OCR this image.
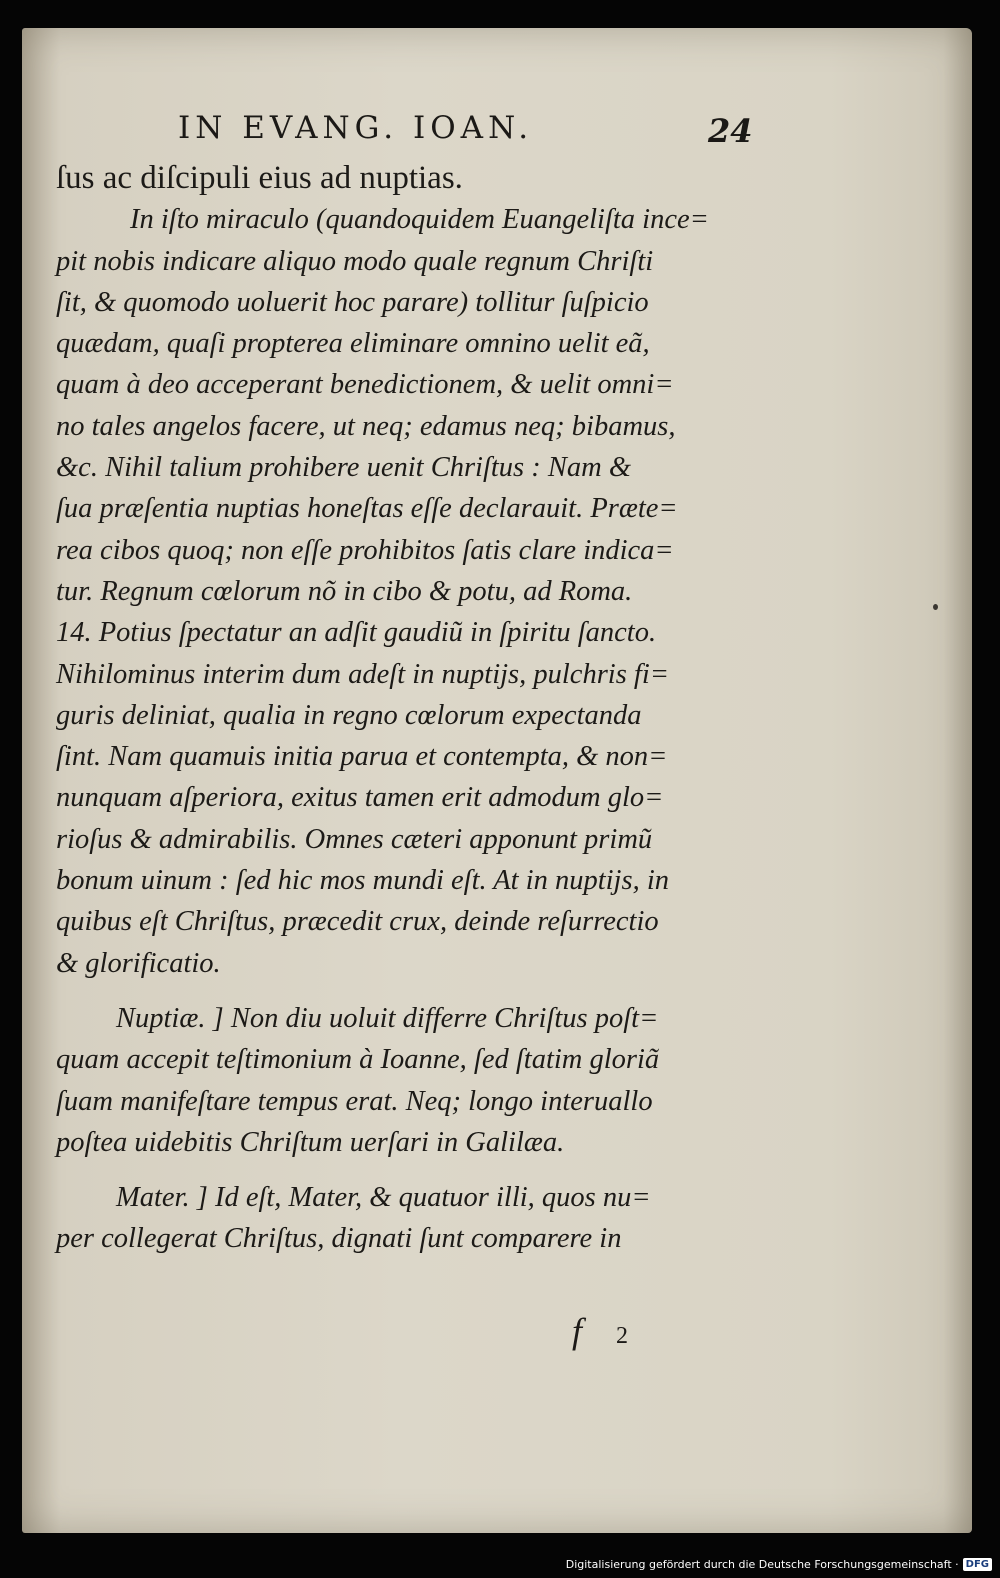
IN EVANG. IOAN.	24
ſus ac diſcipuli eius ad nuptias.
In iſto miraculo (quandoquidem Euangeliſta ince=
pit nobis indicare aliquo modo quale regnum Chriſti
ſit, & quomodo uoluerit hoc parare) tollitur ſuſpicio
quædam, quaſi propterea eliminare omnino uelit eã,
quam à deo acceperant benedictionem, & uelit omni=
no tales angelos facere, ut neq; edamus neq; bibamus,
&c. Nihil talium prohibere uenit Chriſtus : Nam &
ſua præſentia nuptias honeſtas eſſe declarauit. Præte=
rea cibos quoq; non eſſe prohibitos ſatis clare indica=
tur. Regnum cœlorum nõ in cibo & potu, ad Roma.
14. Potius ſpectatur an adſit gaudiũ in ſpiritu ſancto.
Nihilominus interim dum adeſt in nuptijs, pulchris fi=
guris deliniat, qualia in regno cœlorum expectanda
ſint. Nam quamuis initia parua et contempta, & non=
nunquam aſperiora, exitus tamen erit admodum glo=
rioſus & admirabilis. Omnes cæteri apponunt primũ
bonum uinum : ſed hic mos mundi eſt. At in nuptijs, in
quibus eſt Chriſtus, præcedit crux, deinde reſurrectio
& glorificatio.
Nuptiæ. ] Non diu uoluit differre Chriſtus poſt=
quam accepit teſtimonium à Ioanne, ſed ſtatim gloriã
ſuam manifeſtare tempus erat. Neq; longo interuallo
poſtea uidebitis Chriſtum uerſari in Galilæa.
Mater. ] Id eſt, Mater, & quatuor illi, quos nu=
per collegerat Chriſtus, dignati ſunt comparere in
f 2
Digitalisierung gefördert durch die Deutsche Forschungsgemeinschaft · DFG
